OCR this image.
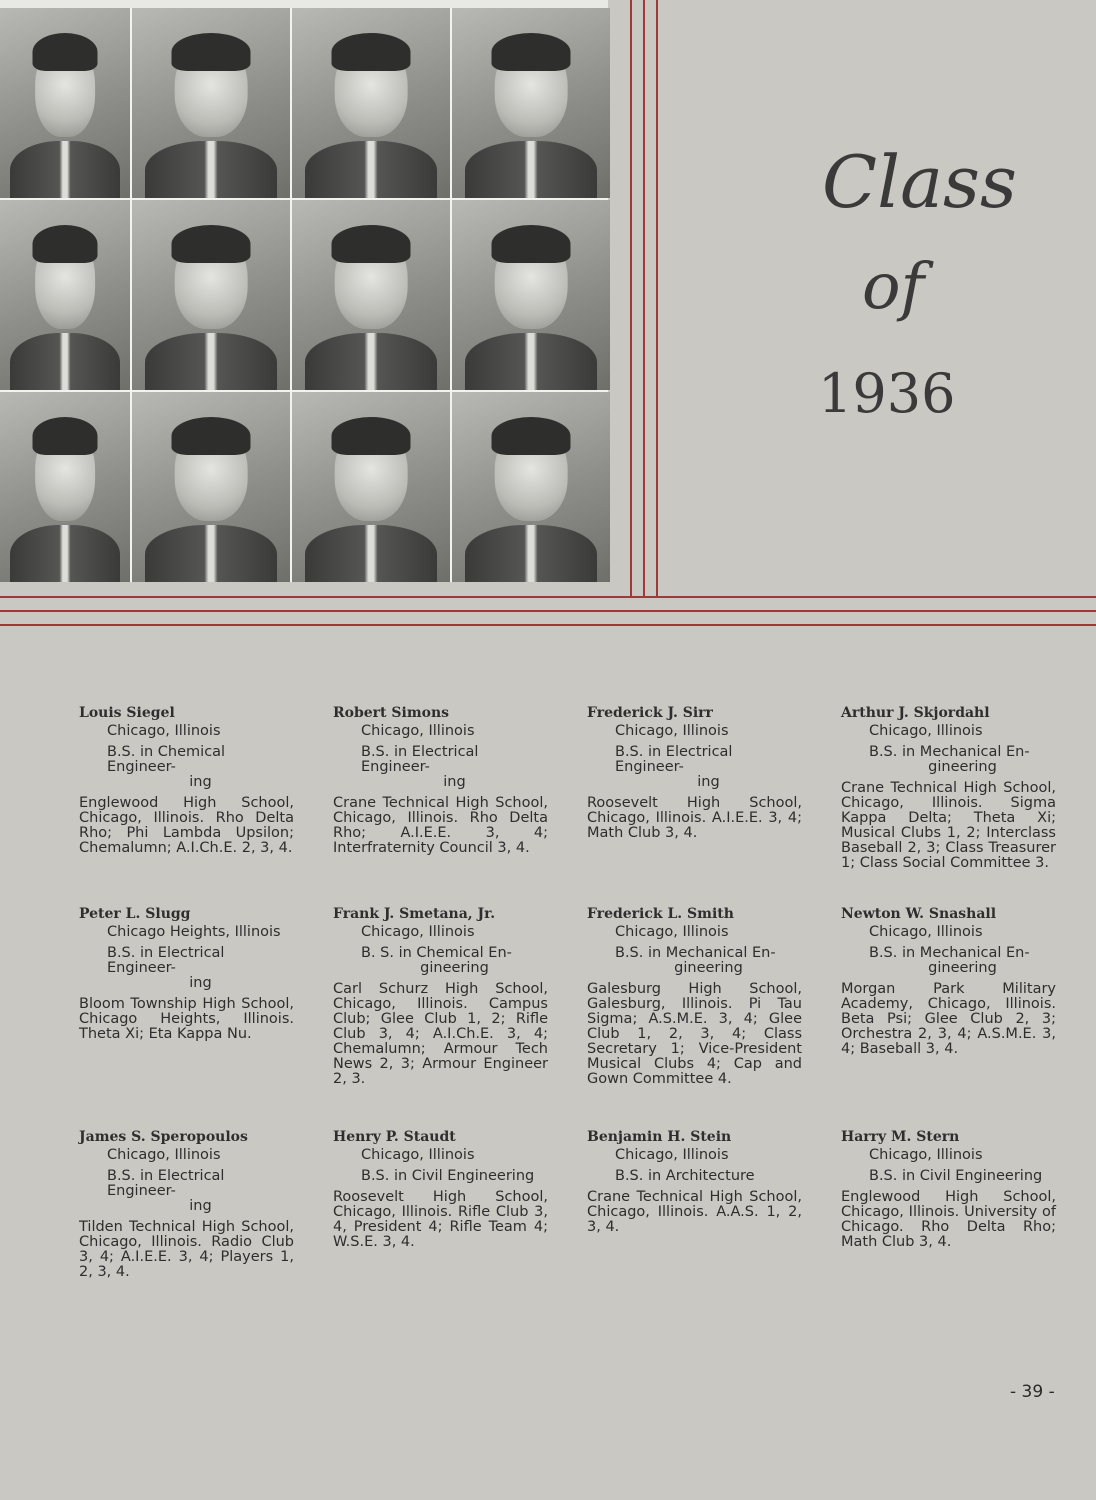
Class
of
1936
Louis Siegel
Chicago, Illinois
B.S. in Chemical Engineer-
ing
Englewood High School, Chicago, Illinois. Rho Delta Rho; Phi Lambda Upsilon; Chemalumn; A.I.Ch.E. 2, 3, 4.
Robert Simons
Chicago, Illinois
B.S. in Electrical Engineer-
ing
Crane Technical High School, Chicago, Illinois. Rho Delta Rho; A.I.E.E. 3, 4; Interfraternity Council 3, 4.
Frederick J. Sirr
Chicago, Illinois
B.S. in Electrical Engineer-
ing
Roosevelt High School, Chicago, Illinois. A.I.E.E. 3, 4; Math Club 3, 4.
Arthur J. Skjordahl
Chicago, Illinois
B.S. in Mechanical En-
gineering
Crane Technical High School, Chicago, Illinois. Sigma Kappa Delta; Theta Xi; Musical Clubs 1, 2; Interclass Baseball 2, 3; Class Treasurer 1; Class Social Committee 3.
Peter L. Slugg
Chicago Heights, Illinois
B.S. in Electrical Engineer-
ing
Bloom Township High School, Chicago Heights, Illinois. Theta Xi; Eta Kappa Nu.
Frank J. Smetana, Jr.
Chicago, Illinois
B. S. in Chemical En-
gineering
Carl Schurz High School, Chicago, Illinois. Campus Club; Glee Club 1, 2; Rifle Club 3, 4; A.I.Ch.E. 3, 4; Chemalumn; Armour Tech News 2, 3; Armour Engineer 2, 3.
Frederick L. Smith
Chicago, Illinois
B.S. in Mechanical En-
gineering
Galesburg High School, Galesburg, Illinois. Pi Tau Sigma; A.S.M.E. 3, 4; Glee Club 1, 2, 3, 4; Class Secretary 1; Vice-President Musical Clubs 4; Cap and Gown Committee 4.
Newton W. Snashall
Chicago, Illinois
B.S. in Mechanical En-
gineering
Morgan Park Military Academy, Chicago, Illinois. Beta Psi; Glee Club 2, 3; Orchestra 2, 3, 4; A.S.M.E. 3, 4; Baseball 3, 4.
James S. Speropoulos
Chicago, Illinois
B.S. in Electrical Engineer-
ing
Tilden Technical High School, Chicago, Illinois. Radio Club 3, 4; A.I.E.E. 3, 4; Players 1, 2, 3, 4.
Henry P. Staudt
Chicago, Illinois
B.S. in Civil Engineering
Roosevelt High School, Chicago, Illinois. Rifle Club 3, 4, President 4; Rifle Team 4; W.S.E. 3, 4.
Benjamin H. Stein
Chicago, Illinois
B.S. in Architecture
Crane Technical High School, Chicago, Illinois. A.A.S. 1, 2, 3, 4.
Harry M. Stern
Chicago, Illinois
B.S. in Civil Engineering
Englewood High School, Chicago, Illinois. University of Chicago. Rho Delta Rho; Math Club 3, 4.
- 39 -
